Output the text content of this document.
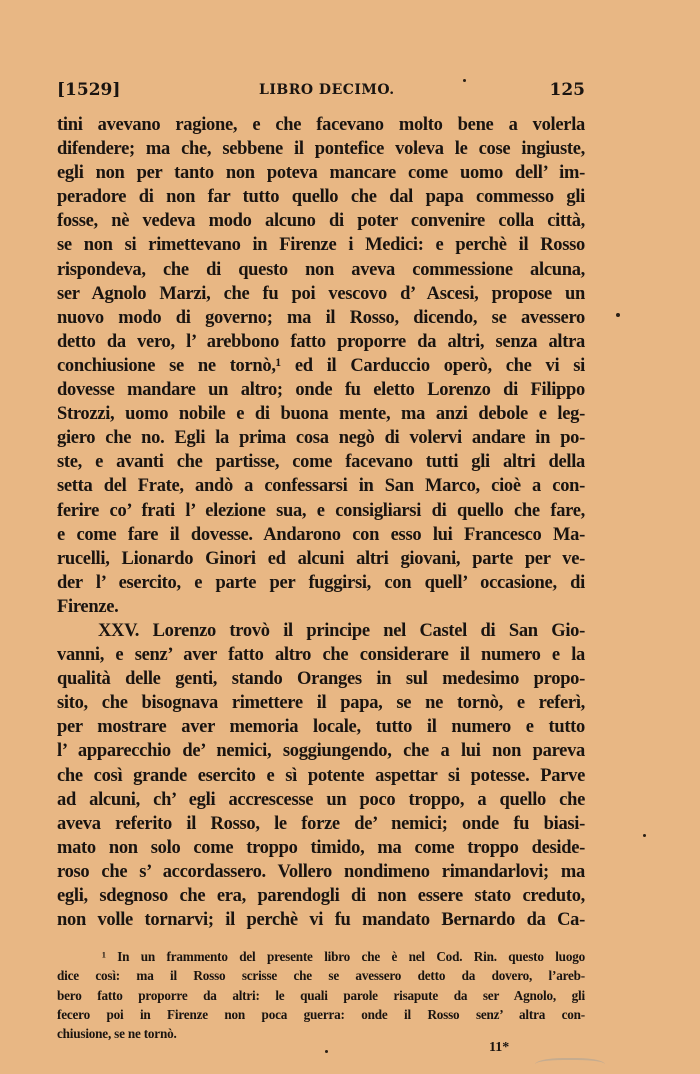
[1529]	LIBRO DECIMO.	125
tini avevano ragione, e che facevano molto bene a volerla
difendere; ma che, sebbene il pontefice voleva le cose ingiuste,
egli non per tanto non poteva mancare come uomo dell’ im-
peradore di non far tutto quello che dal papa commesso gli
fosse, nè vedeva modo alcuno di poter convenire colla città,
se non si rimettevano in Firenze i Medici: e perchè il Rosso
rispondeva, che di questo non aveva commessione alcuna,
ser Agnolo Marzi, che fu poi vescovo d’ Ascesi, propose un
nuovo modo di governo; ma il Rosso, dicendo, se avessero
detto da vero, l’ arebbono fatto proporre da altri, senza altra
conchiusione se ne tornò,¹ ed il Carduccio operò, che vi si
dovesse mandare un altro; onde fu eletto Lorenzo di Filippo
Strozzi, uomo nobile e di buona mente, ma anzi debole e leg-
giero che no. Egli la prima cosa negò di volervi andare in po-
ste, e avanti che partisse, come facevano tutti gli altri della
setta del Frate, andò a confessarsi in San Marco, cioè a con-
ferire co’ frati l’ elezione sua, e consigliarsi di quello che fare,
e come fare il dovesse. Andarono con esso lui Francesco Ma-
rucelli, Lionardo Ginori ed alcuni altri giovani, parte per ve-
der l’ esercito, e parte per fuggirsi, con quell’ occasione, di
Firenze.
XXV. Lorenzo trovò il principe nel Castel di San Gio-
vanni, e senz’ aver fatto altro che considerare il numero e la
qualità delle genti, stando Oranges in sul medesimo propo-
sito, che bisognava rimettere il papa, se ne tornò, e referì,
per mostrare aver memoria locale, tutto il numero e tutto
l’ apparecchio de’ nemici, soggiungendo, che a lui non pareva
che così grande esercito e sì potente aspettar si potesse. Parve
ad alcuni, ch’ egli accrescesse un poco troppo, a quello che
aveva referito il Rosso, le forze de’ nemici; onde fu biasi-
mato non solo come troppo timido, ma come troppo deside-
roso che s’ accordassero. Vollero nondimeno rimandarlovi; ma
egli, sdegnoso che era, parendogli di non essere stato creduto,
non volle tornarvi; il perchè vi fu mandato Bernardo da Ca-
¹ In un frammento del presente libro che è nel Cod. Rin. questo luogo
dice così: ma il Rosso scrisse che se avessero detto da dovero, l’areb-
bero fatto proporre da altri: le quali parole risapute da ser Agnolo, gli
fecero poi in Firenze non poca guerra: onde il Rosso senz’ altra con-
chiusione, se ne tornò.
11*
